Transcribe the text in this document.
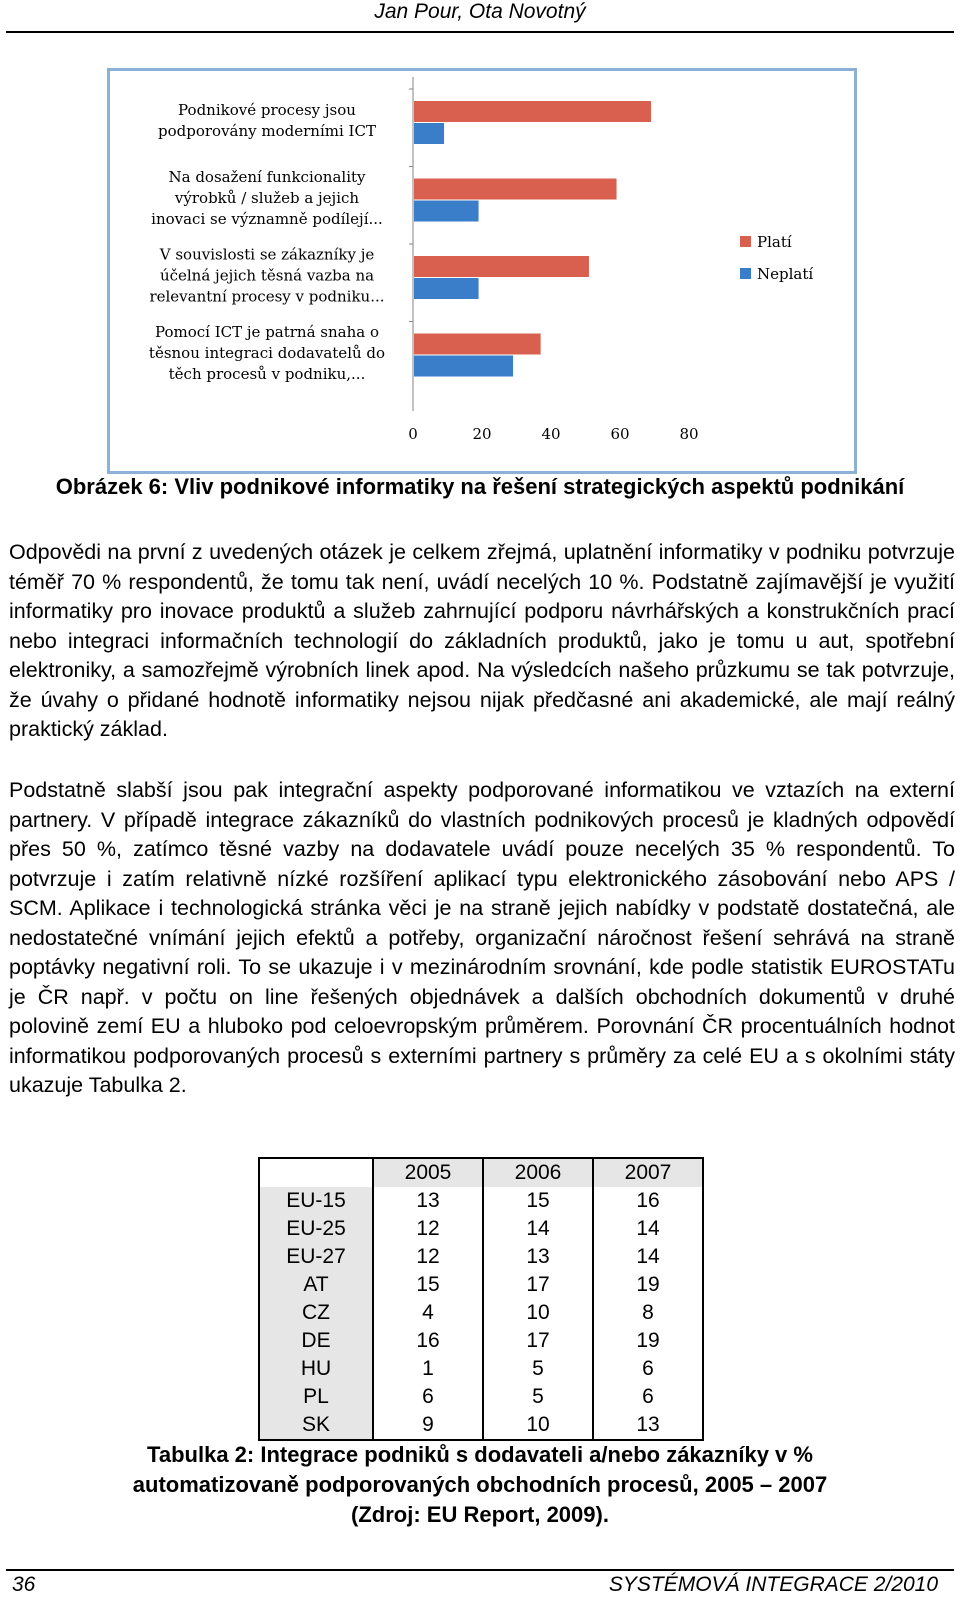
Jan Pour, Ota Novotný
Podnikové procesy jsou podporovány moderními ICT
Na dosažení funkcionality výrobků / služeb a jejich inovaci se významně podílejí...
V souvislosti se zákazníky je účelná jejich těsná vazba na relevantní procesy v podniku...
Pomocí ICT je patrná snaha o těsnou integraci dodavatelů do těch procesů v podniku,...
0	20	40	60	80
Platí
Neplatí
Obrázek 6: Vliv podnikové informatiky na řešení strategických aspektů podnikání

Odpovědi na první z uvedených otázek je celkem zřejmá, uplatnění informatiky v podniku potvrzuje téměř 70 % respondentů, že tomu tak není, uvádí necelých 10 %. Podstatně zajímavější je využití informatiky pro inovace produktů a služeb zahrnující podporu návrhářských a konstrukčních prací nebo integraci informačních technologií do základních produktů, jako je tomu u aut, spotřební elektroniky, a samozřejmě výrobních linek apod. Na výsledcích našeho průzkumu se tak potvrzuje, že úvahy o přidané hodnotě informatiky nejsou nijak předčasné ani akademické, ale mají reálný praktický základ.

Podstatně slabší jsou pak integrační aspekty podporované informatikou ve vztazích na externí partnery. V případě integrace zákazníků do vlastních podnikových procesů je kladných odpovědí přes 50 %, zatímco těsné vazby na dodavatele uvádí pouze necelých 35 % respondentů. To potvrzuje i zatím relativně nízké rozšíření aplikací typu elektronického zásobování nebo APS / SCM. Aplikace i technologická stránka věci je na straně jejich nabídky v podstatě dostatečná, ale nedostatečné vnímání jejich efektů a potřeby, organizační náročnost řešení sehrává na straně poptávky negativní roli. To se ukazuje i v mezinárodním srovnání, kde podle statistik EUROSTATu je ČR např. v počtu on line řešených objednávek a dalších obchodních dokumentů v druhé polovině zemí EU a hluboko pod celoevropským průměrem. Porovnání ČR procentuálních hodnot informatikou podporovaných procesů s externími partnery s průměry za celé EU a s okolními státy ukazuje Tabulka 2.

	2005	2006	2007
EU-15	13	15	16
EU-25	12	14	14
EU-27	12	13	14
AT	15	17	19
CZ	4	10	8
DE	16	17	19
HU	1	5	6
PL	6	5	6
SK	9	10	13
Tabulka 2: Integrace podniků s dodavateli a/nebo zákazníky v %
automatizovaně podporovaných obchodních procesů, 2005 – 2007
(Zdroj: EU Report, 2009).
36	SYSTÉMOVÁ INTEGRACE 2/2010
